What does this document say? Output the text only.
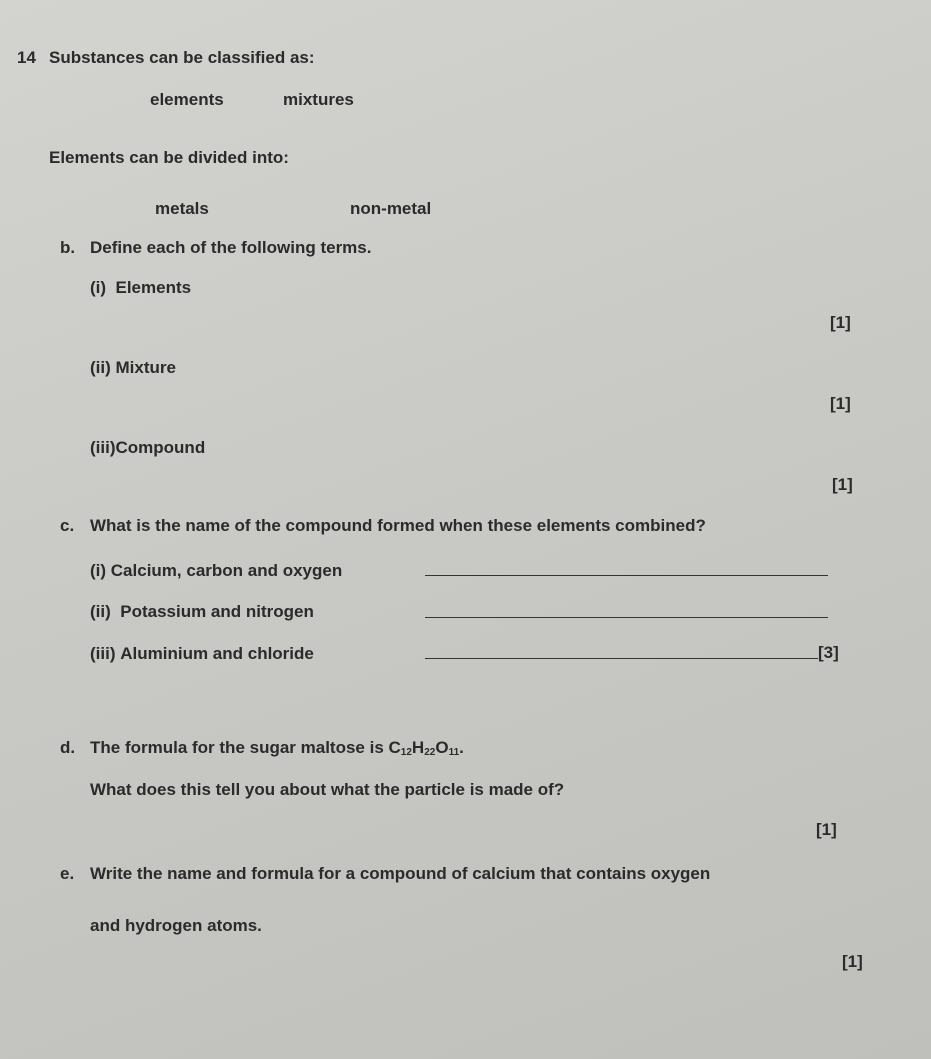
14 Substances can be classified as:
elements	mixtures
Elements can be divided into:
metals	non-metal
b. Define each of the following terms.
(i) Elements
[1]
(ii) Mixture
[1]
(iii)Compound
[1]
c. What is the name of the compound formed when these elements combined?
(i) Calcium, carbon and oxygen
(ii) Potassium and nitrogen
(iii) Aluminium and chloride	[3]
d. The formula for the sugar maltose is $C_{12}H_{22}O_{11}$.
What does this tell you about what the particle is made of?
[1]
e. Write the name and formula for a compound of calcium that contains oxygen
and hydrogen atoms.
[1]
